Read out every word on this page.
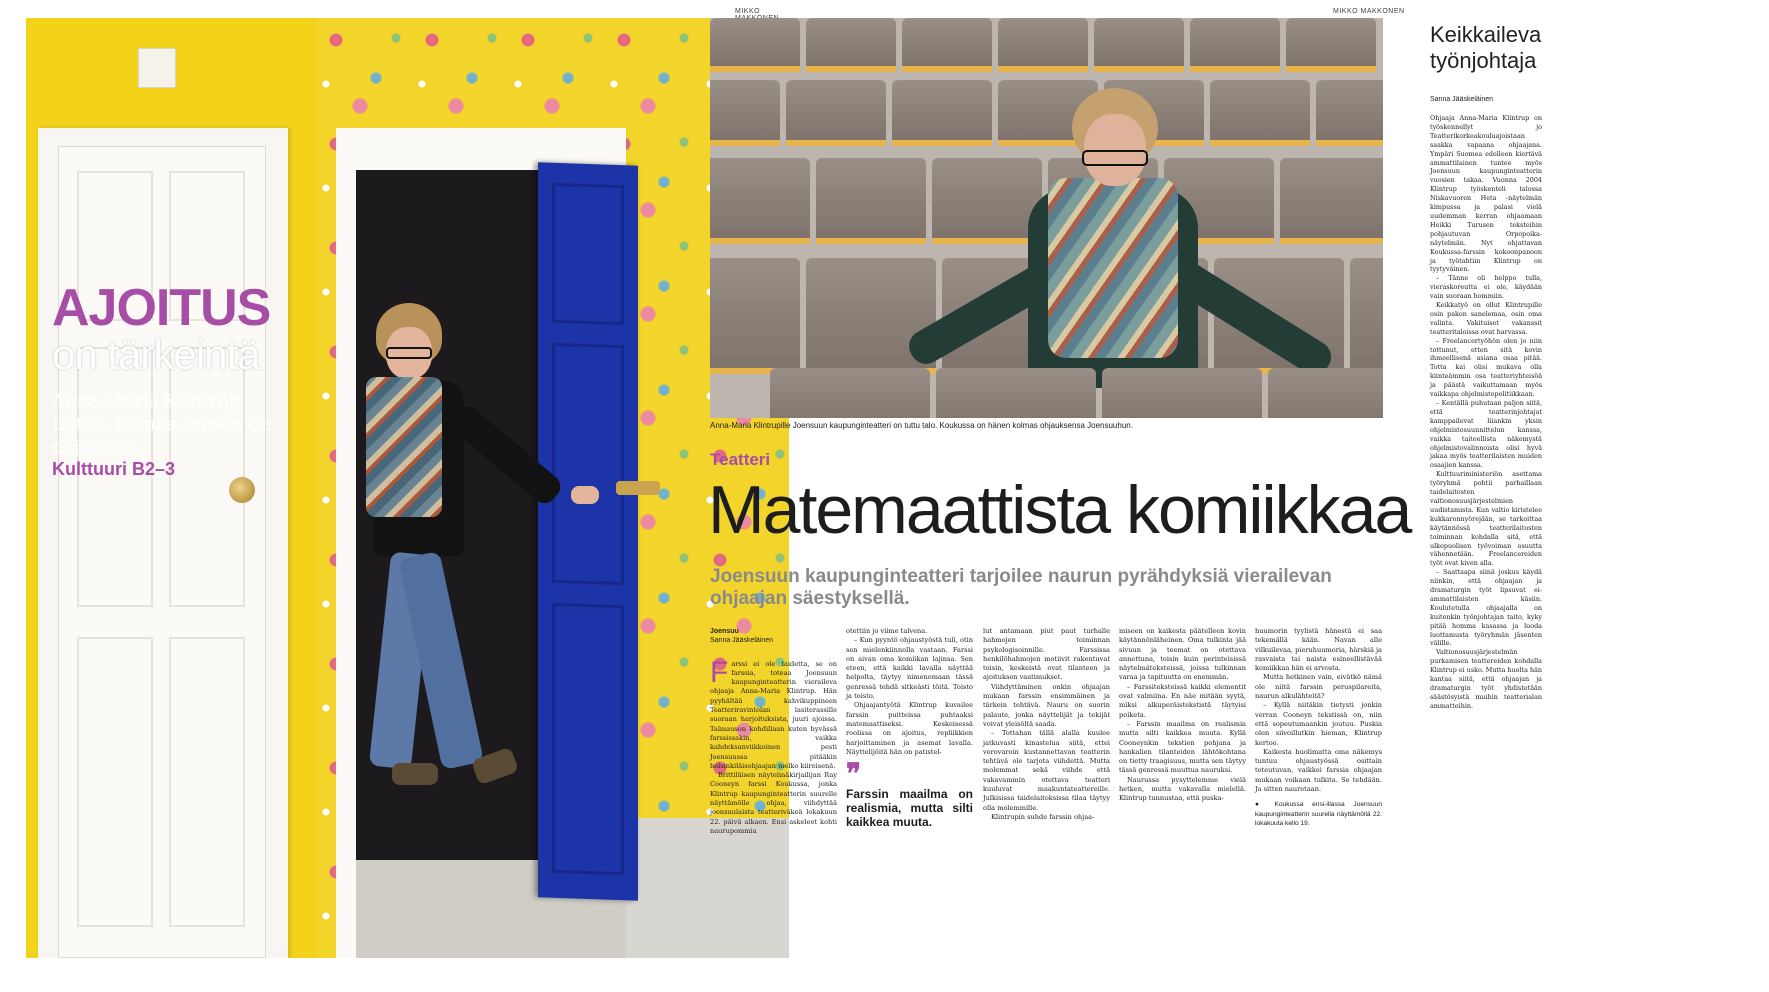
MIKKO
AJOITUS
on tärkeintä
Anna-Maria Klintrup tietää, kuinka farssia on ohjattava.
Kulttuuri B2–3
MIKKO MAKKONEN
Anna-Maria Klintrupille Joensuun kaupunginteatteri on tuttu talo. Koukussa on hänen kolmas ohjauksensa Joensuuhun.
Teatteri
Matemaattista komiikkaa
Joensuun kaupunginteatteri tarjoilee naurun pyrähdyksiä vierailevan ohjaajan säestyksellä.

Joensuu

Sanna Jääskeläinen

Farssi ei ole taidetta, se on farssia, toteaa Joensuun kaupunginteatterin vierailevа ohjaaja Anna-Maria Klintrup. Hän pyyhältää kahvikuppineen Teatterіravintolan lasiterassille suoraan harjoituksista, juuri ajoissa. Talmauson kohdillaan kuten hyvässä farssissakin, vaikka kahdeksanviikkoinen pesti Joensuussa pitääkin helsinkiläisohjaajan melko kiireisenä.

Brittiläisen näytelmäkirjailijan Ray Cooneyn farssi Koukussa, jonka Klintrup kaupunginteatterin suurelle näyttämölle ohjaa, viihdyttää joensuulaista teatteriväkeä lokakuun 22. päivä alkaen. Ensi askeleet kohti naurupommia

otettiin jo viime talvena.

– Kun pyyntö ohjaustyöstä tuli, otin sen mielenkiinnolla vastaan. Farssi on aivan oma komiikan lajinsa. Sen eteen, että kaikki lavalla näyttää helpolta, täytyy nimenomaan tässä genressä tehdä sitkeästi töitä. Toisto ja toisto.

Ohjaajantyötä Klintrup kuvailee farssin puitteissa puhtaaksi matemaattiseksi. Keskeisessä roolissa on ajoitus, repliikkien harjoittaminen ja asemat lavalla. Näyttelijöitä hän on patistel-

❞

Farssin maailma on realismia, mutta silti kaikkea muuta.

lut antamaan piut paut turhalle hahmojen toiminnan psykologisoinnille. Farssissa henkilöhahmojen motiivit rakentuvat toisin, keskeistä ovat tilanteen ja ajoituksen vaatimukset.

Viihdyttäminen onkin ohjaajan mukaan farssin ensimmäinen ja tärkein tehtävä. Nauru on suorin palaute, jonka näyttelijät ja tekijät voivat yleisöltä saada.

– Tottahan tällä alalla kuulee jatkuvasti kinastelua siitä, ettei verovarоin kustannettavan teatterin tehtävä ole tarjota viihdettä. Mutta molemmat sekä viihde että vakavammin otettava teatteri kuuluvat maakuntateattereille. Julkisissa taidelaitoksissa tilaa täytyy olla molemmille.

Klintrupin suhde farssin ohjaa-

miseen on kaikesta päätelleen kovin käytännönläheinen. Oma tulkinta jää sivuun ja teemat on otettava annettuna, toisin kuin perinteisissä näytelmäteksteissä, joissa tulkinnan varaa ja tapituutta on enemmän.

– Farssiteksteissä kaikki elementit ovat valmiina. En näe mitään syytä, miksi alkuperäistekstistä täytyisi poiketa.

– Farssin maailma on realismia mutta silti kaikkea muuta. Kyllä Cooneynkin tekstien pohjana ja hankalien tilanteiden lähtökohtana on tietty traagisuus, mutta sen täytyy tässä genressä muuttua nauruksi.

Naurussa pysyttelemme vielä hetken, mutta vakavalla mielellä. Klintrup tunnustaa, että puska-

huumorin tyylistä hänestä ei saa tekemällä kään. Navan alle vilkuilevaa, pieruhuumoria, härskiä ja rasvaista tai naista esineellistävää komiikkaa hän ei arvosta.

Mutta hetkinen vain, eivätkö nämä ole niitä farssin peruspilareita, naurun alkulähteitä?

– Kyllä niitäkin tietysti jonkin verran Cooneyn tekstissä on, niin että sopeutumaankin joutuu. Puskia olen siivoillutkin hieman, Klintrup kertoo.

Kaikesta huolimatta oma näkemys tuntuu ohjaustyössä osittain toteutuvan, vaikkei farssia ohjaajan mukaan voikaan tulkita. Se tehdään. Ja sitten nauretaan.

● Koukussa ensi-illassa Joensuun kaupunginteatterin suurella näyttämöllä 22. lokakuuta kello 19.

Keikkaileva työnjohtaja
Sanna Jääskeläinen

Ohjaaja Anna-Maria Klintrup on työskennellyt jo Teatterikorkeakouluajoistaan saakka vapaana ohjaajana. Ympäri Suomea edelleen kiertävä ammattilainen tuntee myös Joensuun kaupunginteatterin vuosien takaa. Vuonna 2004 Klintrup työskenteli talossa Niskavuoren Heta -näytelmän kimpussa ja palasi vielä uudemman kerran ohjaamaan Heikki Turusen tekstеihin pohjautuvan Orpopoika-näytelmän. Nyt ohjattavan Koukussa-farssin kokoonpanoon ja työtahtiin Klintrup on tyytyväinen.

– Tänne oli helppo tulla, vieraskoreutta ei ole, käydään vain suoraan hommiin.

Keikkatyö on ollut Klintrupille osin pakon sanelemaa, osin oma valinta. Vakituiset vakanssit teatteritaloissa ovat harvassa.

– Freelancertyöhön olen jo niin tottunut, etten sitä kovin ihmeellisenä asiana osaa pitää. Totta kai olisi mukava olla kiinteämmin osa teatteriyhteisöä ja päästä vaikuttamaan myös vaikkapa ohjelmistopolitiikkaan.

– Kentällä puhutaan paljon siitä, että teatterinjohtajat kamppailevat liiankin yksin ohjelmistosuunnittelun kanssa, vaikka taiteellista näkemystä ohjelmistovalinnoista olisi hyvä jakaa myös teatterilaisten muiden osaajien kanssa.

Kulttuuriministeriön asettama työryhmä pohtii parhaillaan taidelaitosten valtionosuusjärjestelmien uudistamista. Kun valtio kiristelee kukkaronnyörejään, se tarkoittaa käytännössä teatterilaitosten toiminnan kohdalla sitä, että ulkopuolisen työvoiman osuutta vähennetään. Freelancereiden työt ovat kiven alla.

– Saattaapa siinä joskus käydä niinkin, että ohjaajan ja dramaturgin työt lipsuvat ei-ammattilaisten käsiin. Koulutetulla ohjaajalla on kuitenkin työnjohtajan taito, kyky pitää homma kasassa ja luoda luottamusta työryhmän jäsenten välille.

Valtionosuusjärjestelmän purkamisen teattereiden kohdalla Klintrup ei usko. Mutta huolta hän kantaa siitä, että ohjaajan ja dramaturgin työt yhdistetään säästösyistä muihin teatterialan ammatteihin.
